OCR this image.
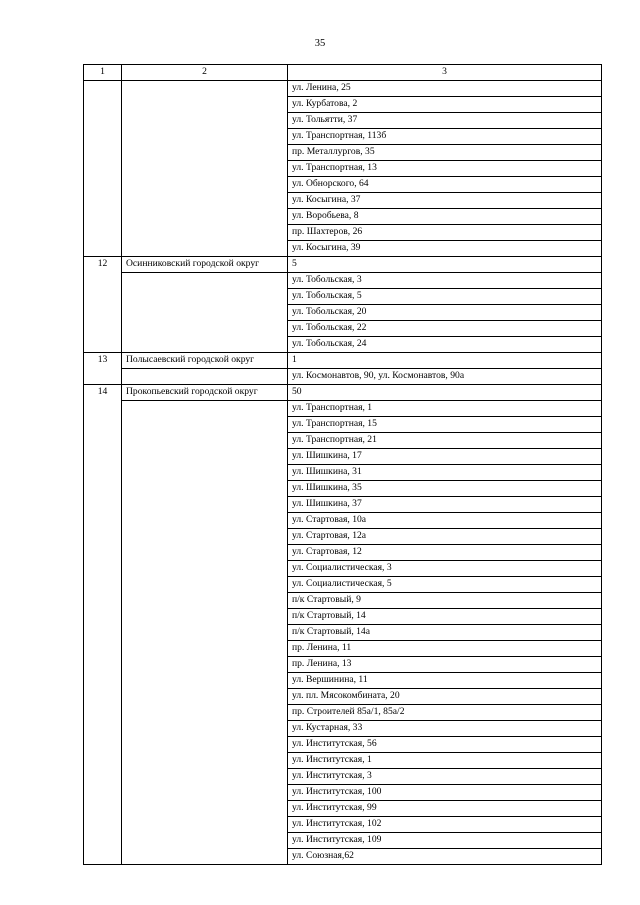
35
1	2	3
		ул. Ленина, 25
		ул. Курбатова, 2
		ул. Тольятти, 37
		ул. Транспортная, 113б
		пр. Металлургов, 35
		ул. Транспортная, 13
		ул. Обнорского, 64
		ул. Косыгина, 37
		ул. Воробьева, 8
		пр. Шахтеров, 26
		ул. Косыгина, 39
12	Осинниковский городской округ	5
		ул. Тобольская, 3
		ул. Тобольская, 5
		ул. Тобольская, 20
		ул. Тобольская, 22
		ул. Тобольская, 24
13	Полысаевский городской округ	1
		ул. Космонавтов, 90, ул. Космонавтов, 90а
14	Прокопьевский городской округ	50
		ул. Транспортная, 1
		ул. Транспортная, 15
		ул. Транспортная, 21
		ул. Шишкина, 17
		ул. Шишкина, 31
		ул. Шишкина, 35
		ул. Шишкина, 37
		ул. Стартовая, 10а
		ул. Стартовая, 12а
		ул. Стартовая, 12
		ул. Социалистическая, 3
		ул. Социалистическая, 5
		п/к Стартовый, 9
		п/к Стартовый, 14
		п/к Стартовый, 14а
		пр. Ленина, 11
		пр. Ленина, 13
		ул. Вершинина, 11
		ул. пл. Мясокомбината, 20
		пр. Строителей 85а/1, 85а/2
		ул. Кустарная, 33
		ул. Институтская, 56
		ул. Институтская, 1
		ул. Институтская, 3
		ул. Институтская, 100
		ул. Институтская, 99
		ул. Институтская, 102
		ул. Институтская, 109
		ул. Союзная,62
